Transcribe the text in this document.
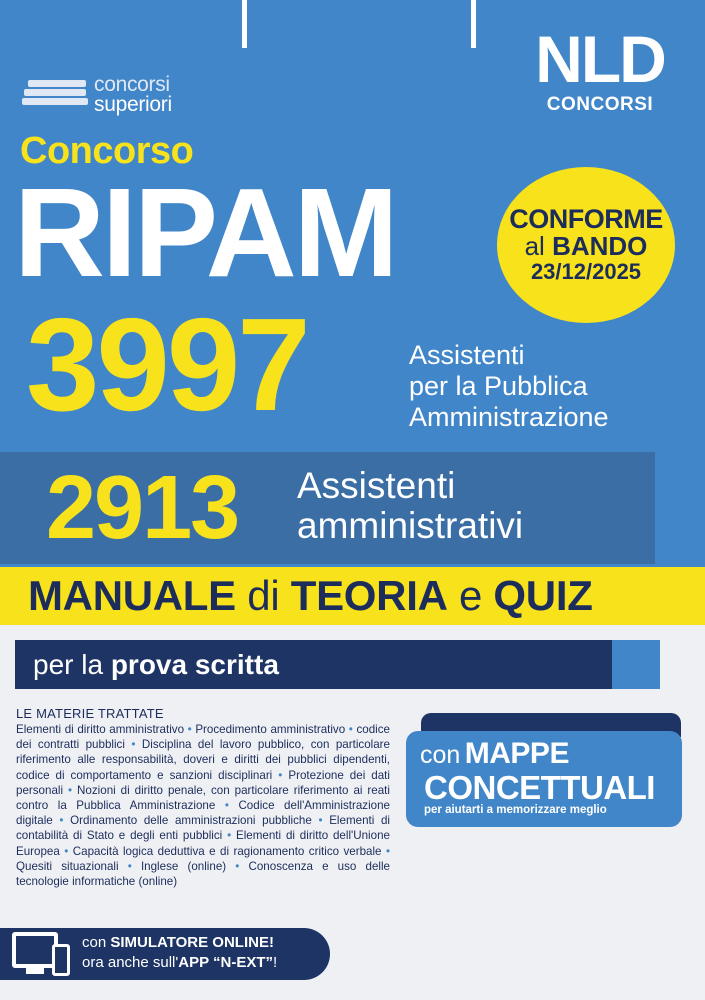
concorsi
superiori
NLD
CONCORSI
Concorso
RIPAM	CONFORME
al BANDO
23/12/2025
3997	Assistenti
per la Pubblica
Amministrazione
2913 Assistenti
amministrativi
MANUALE di TEORIA e QUIZ
per la prova scritta
LE MATERIE TRATTATE
Elementi di diritto amministrativo • Procedimento amministrativo • codice dei contratti pubblici • Disciplina del lavoro pubblico, con particolare riferimento alle responsabilità, doveri e diritti dei pubblici dipendenti, codice di comportamento e sanzioni disciplinari • Protezione dei dati personali • Nozioni di diritto penale, con particolare riferimento ai reati contro la Pubblica Amministrazione • Codice dell'Amministrazione digitale • Ordinamento delle amministrazioni pubbliche • Elementi di contabilità di Stato e degli enti pubblici • Elementi di diritto dell'Unione Europea • Capacità logica deduttiva e di ragionamento critico verbale • Quesiti situazionali • Inglese (online) • Conoscenza e uso delle tecnologie informatiche (online)
con MAPPE
CONCETTUALI
per aiutarti a memorizzare meglio
con SIMULATORE ONLINE!
ora anche sull'APP “N-EXT”!
